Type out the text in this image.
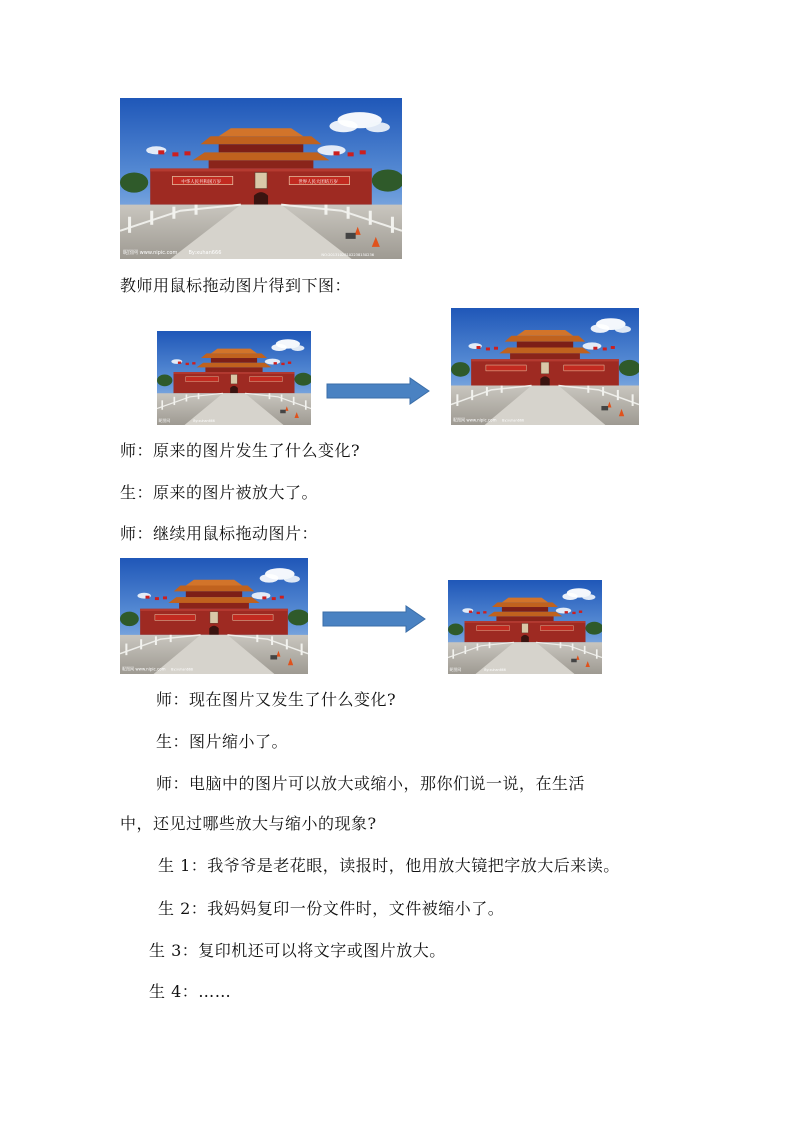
中华人民共和国万岁	世界人民大团结万岁
昵图网 www.nipic.com By:xuhan666	NO:20131028102238150236
教师用鼠标拖动图片得到下图：
昵图网	By:xuhan666	昵图网 www.nipic.com By:xuhan666
师：原来的图片发生了什么变化?
生：原来的图片被放大了。
师：继续用鼠标拖动图片：
昵图网 www.nipic.com By:xuhan666	昵图网	By:xuhan666
师：现在图片又发生了什么变化?
生：图片缩小了。
师：电脑中的图片可以放大或缩小，那你们说一说，在生活
中，还见过哪些放大与缩小的现象?
生 1：我爷爷是老花眼，读报时，他用放大镜把字放大后来读。
生 2：我妈妈复印一份文件时，文件被缩小了。
生 3：复印机还可以将文字或图片放大。
生 4：……
